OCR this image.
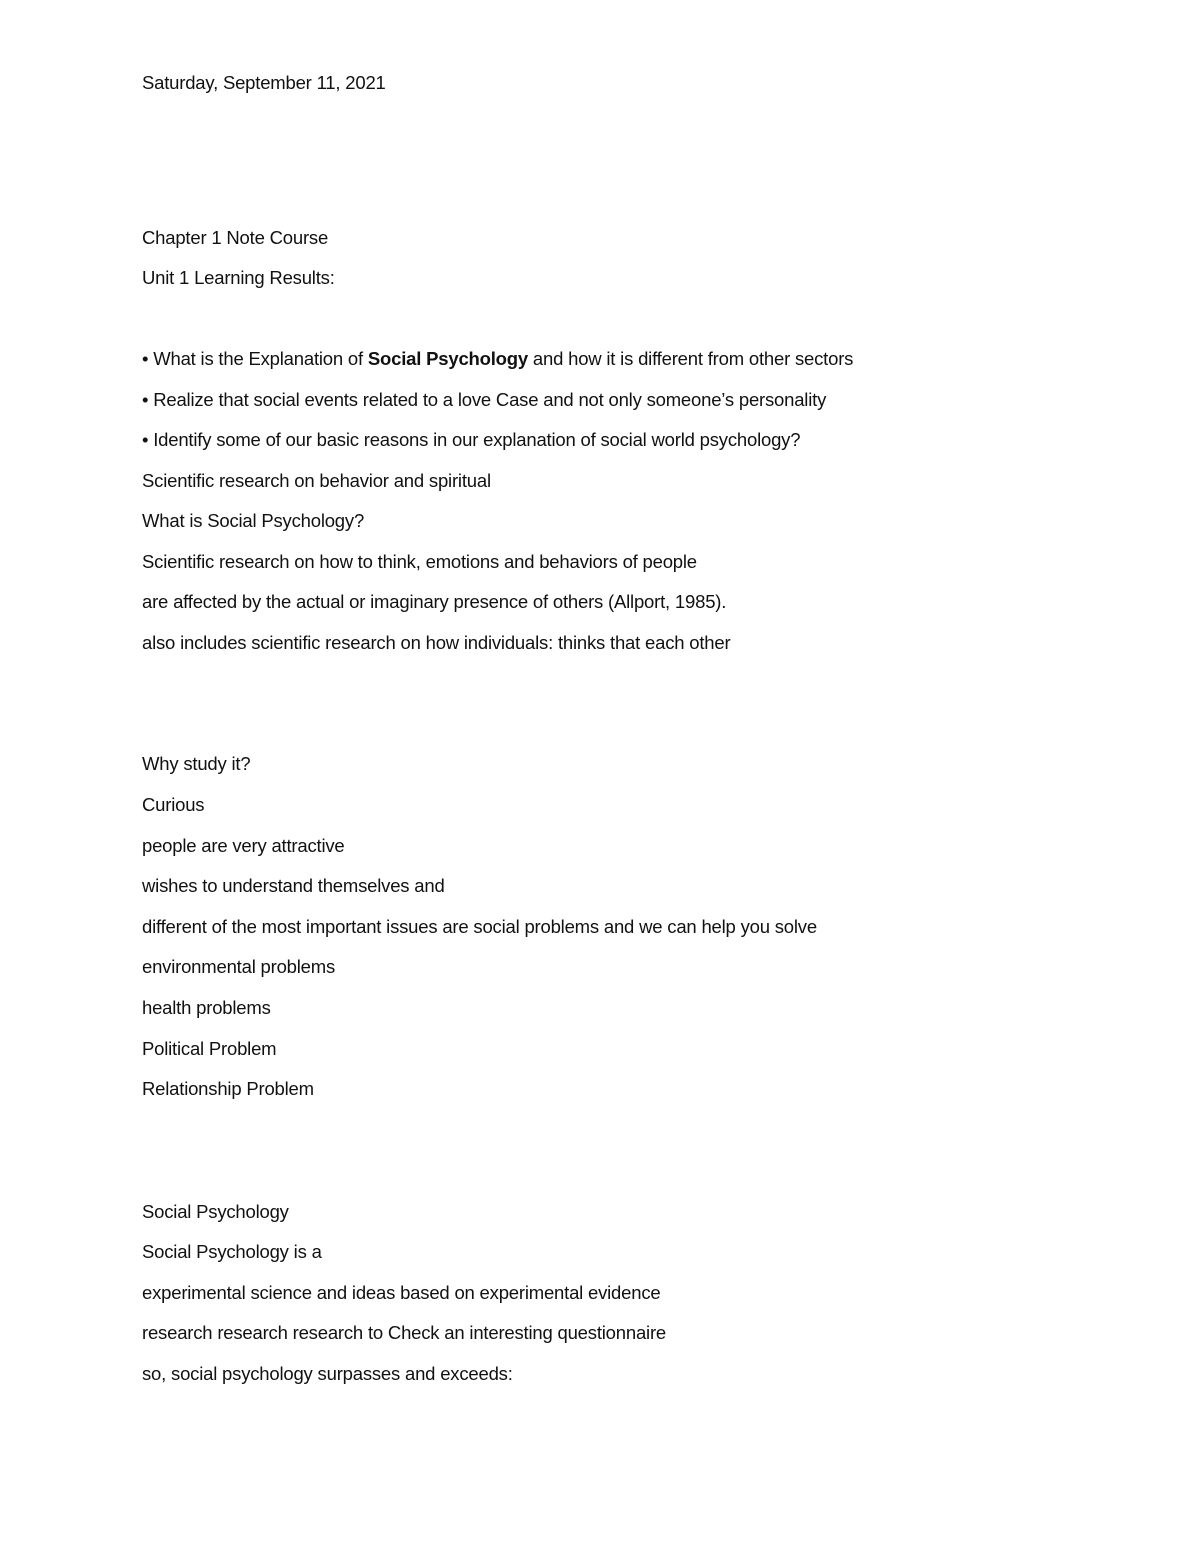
Saturday, September 11, 2021
Chapter 1 Note Course
Unit 1 Learning Results:
• What is the Explanation of Social Psychology and how it is different from other sectors
• Realize that social events related to a love Case and not only someone’s personality
• Identify some of our basic reasons in our explanation of social world psychology?
Scientific research on behavior and spiritual
What is Social Psychology?
Scientific research on how to think, emotions and behaviors of people
are affected by the actual or imaginary presence of others (Allport, 1985).
also includes scientific research on how individuals: thinks that each other
Why study it?
Curious
people are very attractive
wishes to understand themselves and
different of the most important issues are social problems and we can help you solve
environmental problems
health problems
Political Problem
Relationship Problem
Social Psychology
Social Psychology is a
experimental science and ideas based on experimental evidence
research research research to Check an interesting questionnaire
so, social psychology surpasses and exceeds:
